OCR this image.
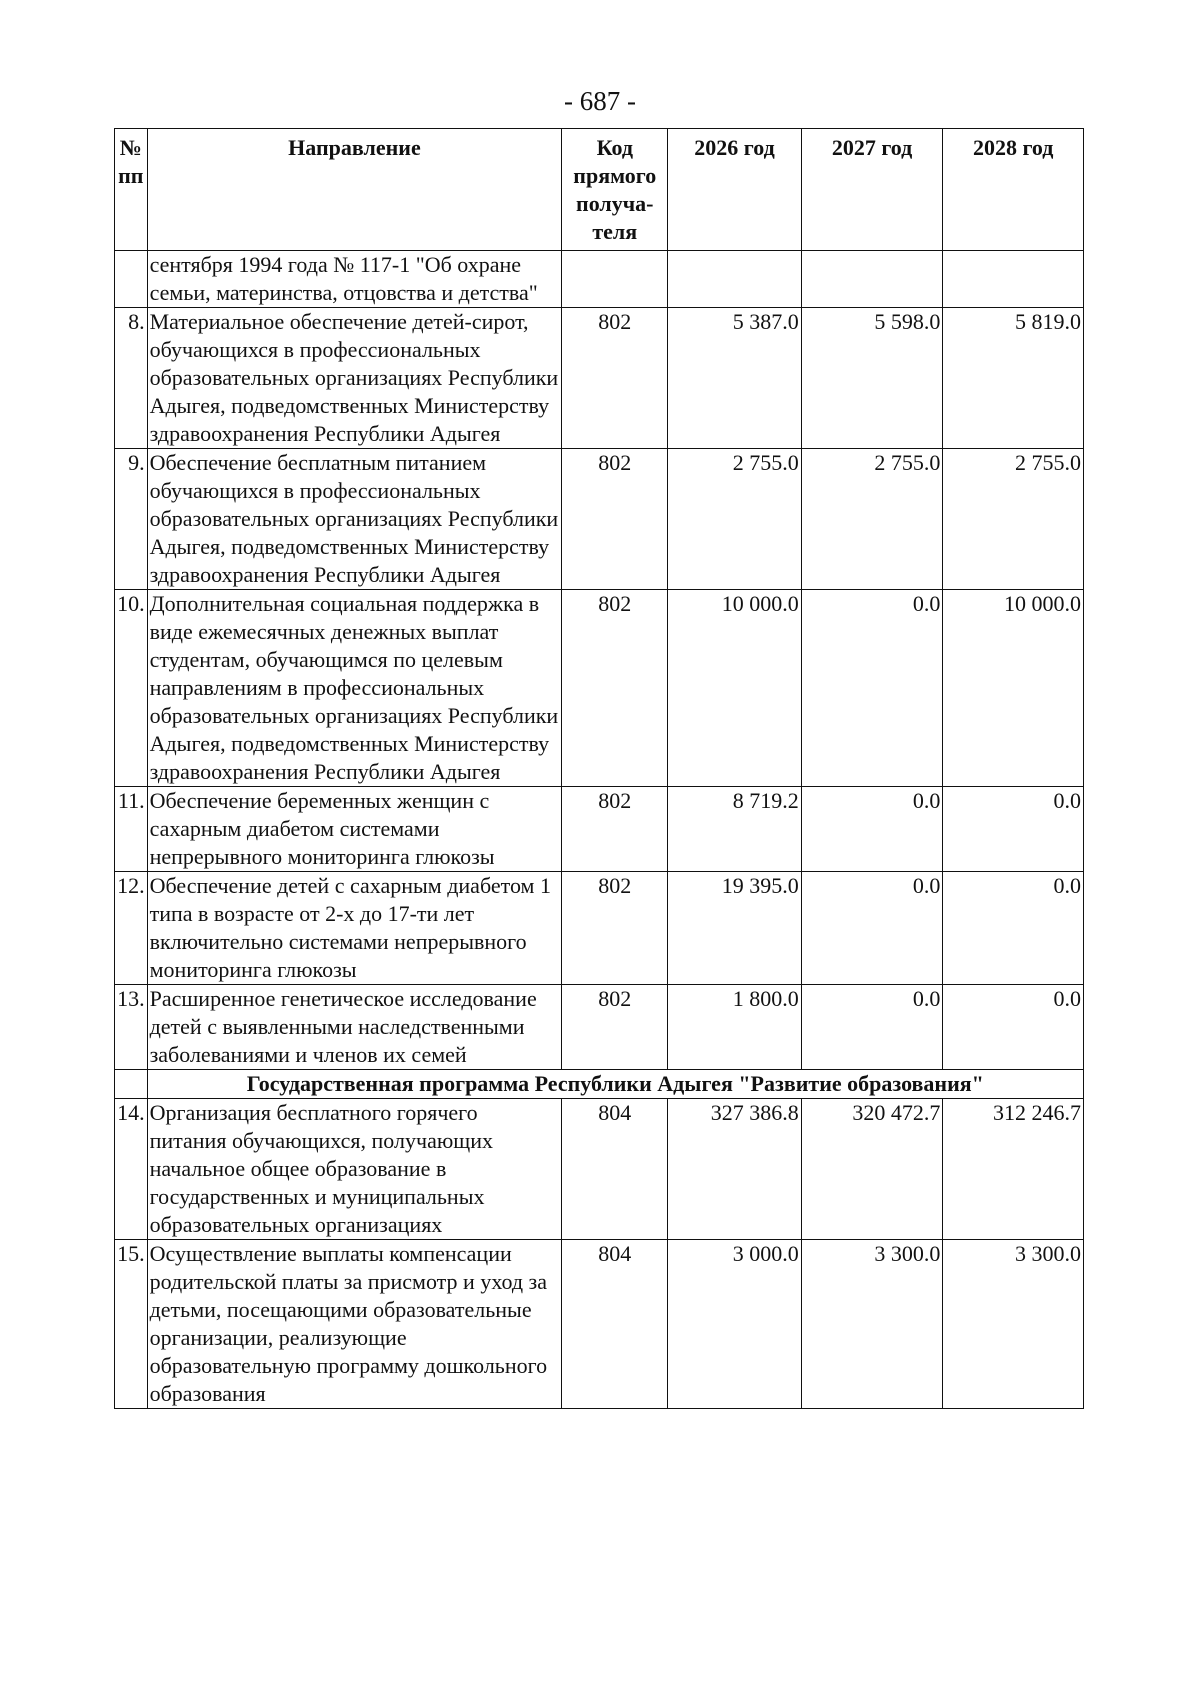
- 687 -
№ пп	Направление	Код прямого получа-теля	2026 год	2027 год	2028 год
	сентября 1994 года № 117-1 "Об охране семьи, материнства, отцовства и детства"				
8.	Материальное обеспечение детей-сирот, обучающихся в профессиональных образовательных организациях Республики Адыгея, подведомственных Министерству здравоохранения Республики Адыгея	802	5 387.0	5 598.0	5 819.0
9.	Обеспечение бесплатным питанием обучающихся в профессиональных образовательных организациях Республики Адыгея, подведомственных Министерству здравоохранения Республики Адыгея	802	2 755.0	2 755.0	2 755.0
10.	Дополнительная социальная поддержка в виде ежемесячных денежных выплат студентам, обучающимся по целевым направлениям в профессиональных образовательных организациях Республики Адыгея, подведомственных Министерству здравоохранения Республики Адыгея	802	10 000.0	0.0	10 000.0
11.	Обеспечение беременных женщин с сахарным диабетом системами непрерывного мониторинга глюкозы	802	8 719.2	0.0	0.0
12.	Обеспечение детей с сахарным диабетом 1 типа в возрасте от 2-х до 17-ти лет включительно системами непрерывного мониторинга глюкозы	802	19 395.0	0.0	0.0
13.	Расширенное генетическое исследование детей с выявленными наследственными заболеваниями и членов их семей	802	1 800.0	0.0	0.0
	Государственная программа Республики Адыгея "Развитие образования"				
14.	Организация бесплатного горячего питания обучающихся, получающих начальное общее образование в государственных и муниципальных образовательных организациях	804	327 386.8	320 472.7	312 246.7
15.	Осуществление выплаты компенсации родительской платы за присмотр и уход за детьми, посещающими образовательные организации, реализующие образовательную программу дошкольного образования	804	3 000.0	3 300.0	3 300.0
